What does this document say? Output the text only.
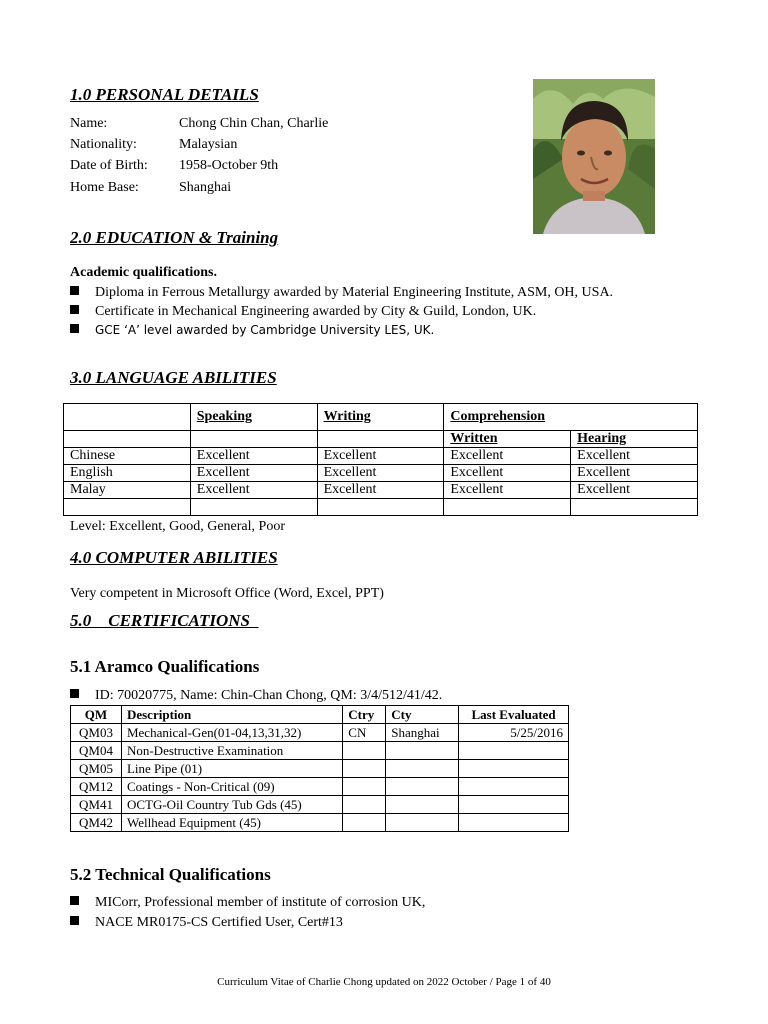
1.0 PERSONAL DETAILS
Name:	Chong Chin Chan, Charlie
Nationality:	Malaysian
Date of Birth: 1958-October 9th
Home Base:	Shanghai
2.0 EDUCATION & Training
Academic qualifications.
Diploma in Ferrous Metallurgy awarded by Material Engineering Institute, ASM, OH, USA.
Certificate in Mechanical Engineering awarded by City & Guild, London, UK.
GCE ‘A’ level awarded by Cambridge University LES, UK.
3.0 LANGUAGE ABILITIES
	Speaking	Writing	Comprehension	
			Written	Hearing
Chinese	Excellent	Excellent	Excellent	Excellent
English	Excellent	Excellent	Excellent	Excellent
Malay	Excellent	Excellent	Excellent	Excellent

Level: Excellent, Good, General, Poor
4.0 COMPUTER ABILITIES
Very competent in Microsoft Office (Word, Excel, PPT)
5.0    CERTIFICATIONS
5.1 Aramco Qualifications
ID: 70020775, Name: Chin-Chan Chong, QM: 3/4/512/41/42.
QM	Description	Ctry	Cty	Last Evaluated
QM03	Mechanical-Gen(01-04,13,31,32)	CN	Shanghai	5/25/2016
QM04	Non-Destructive Examination			
QM05	Line Pipe (01)			
QM12	Coatings - Non-Critical (09)			
QM41	OCTG-Oil Country Tub Gds (45)			
QM42	Wellhead Equipment (45)			
5.2 Technical Qualifications
MICorr, Professional member of institute of corrosion UK,
NACE MR0175-CS Certified User, Cert#13
Curriculum Vitae of Charlie Chong updated on 2022 October / Page 1 of 40
